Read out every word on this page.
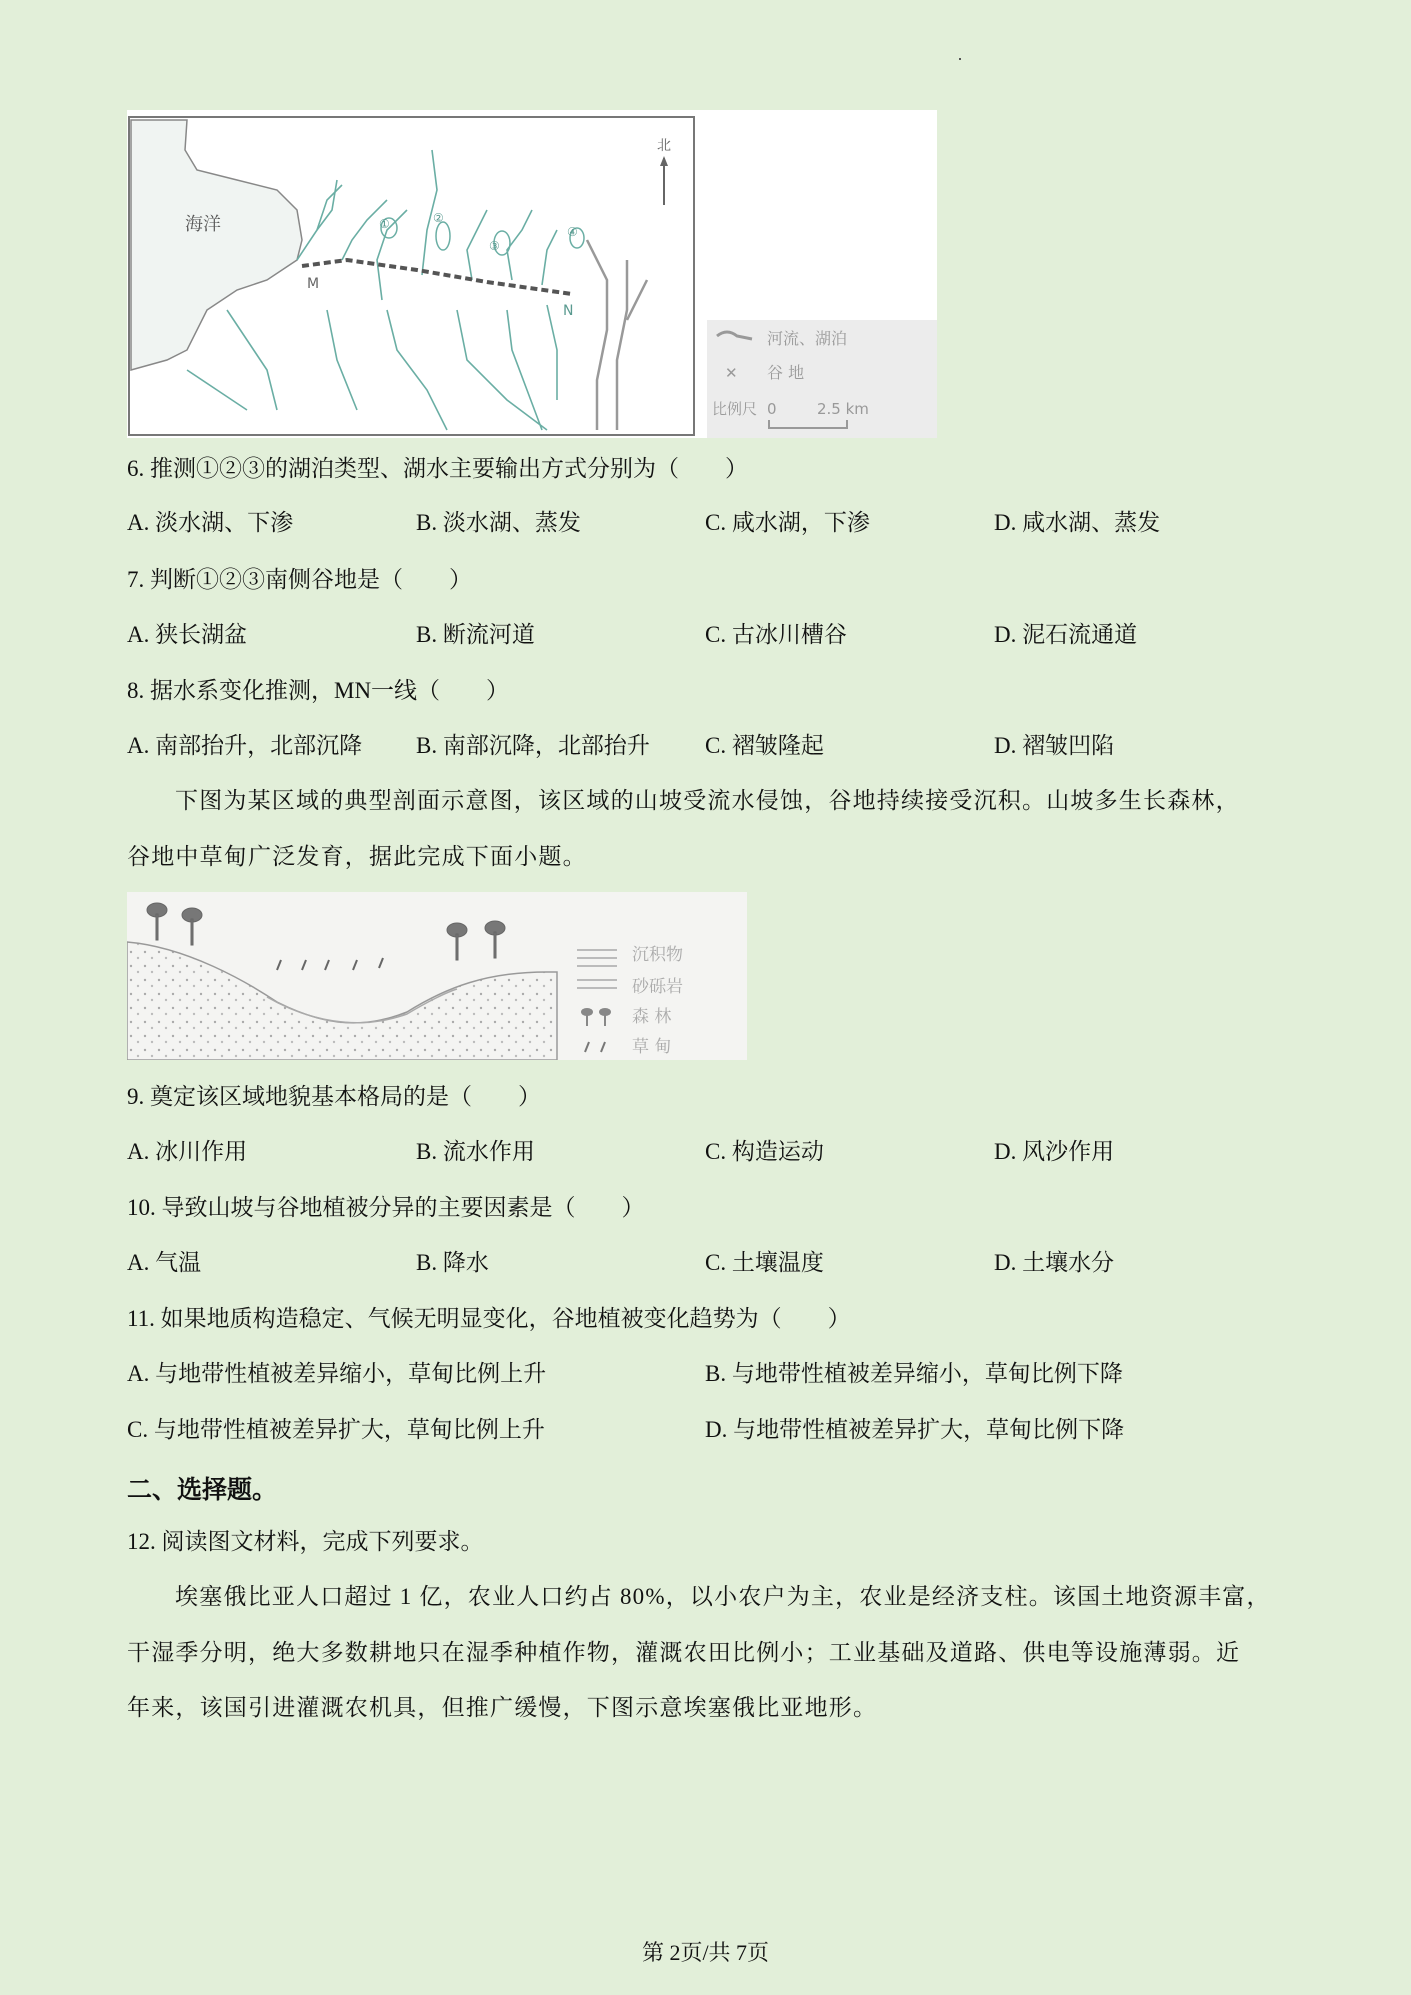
海洋	①	②
③
④
M
N
北
河流、湖泊
✕ 谷 地
比例尺 0	2.5 km
6. 推测①②③的湖泊类型、湖水主要输出方式分别为（　　）
A. 淡水湖、下渗	B. 淡水湖、蒸发	C. 咸水湖，下渗	D. 咸水湖、蒸发
7. 判断①②③南侧谷地是（　　）
A. 狭长湖盆	B. 断流河道	C. 古冰川槽谷	D. 泥石流通道
8. 据水系变化推测，MN一线（　　）
A. 南部抬升，北部沉降 B. 南部沉降，北部抬升 C. 褶皱隆起	D. 褶皱凹陷
下图为某区域的典型剖面示意图，该区域的山坡受流水侵蚀，谷地持续接受沉积。山坡多生长森林，
谷地中草甸广泛发育，据此完成下面小题。
沉积物
砂砾岩
森 林
草 甸
9. 奠定该区域地貌基本格局的是（　　）
A. 冰川作用	B. 流水作用	C. 构造运动	D. 风沙作用
10. 导致山坡与谷地植被分异的主要因素是（　　）
A. 气温	B. 降水	C. 土壤温度	D. 土壤水分
11. 如果地质构造稳定、气候无明显变化，谷地植被变化趋势为（　　）
A. 与地带性植被差异缩小，草甸比例上升	B. 与地带性植被差异缩小，草甸比例下降
C. 与地带性植被差异扩大，草甸比例上升	D. 与地带性植被差异扩大，草甸比例下降
二、选择题。
12. 阅读图文材料，完成下列要求。
埃塞俄比亚人口超过 1 亿，农业人口约占 80%，以小农户为主，农业是经济支柱。该国土地资源丰富，
干湿季分明，绝大多数耕地只在湿季种植作物，灌溉农田比例小；工业基础及道路、供电等设施薄弱。近
年来，该国引进灌溉农机具，但推广缓慢，下图示意埃塞俄比亚地形。
第 2页/共 7页
